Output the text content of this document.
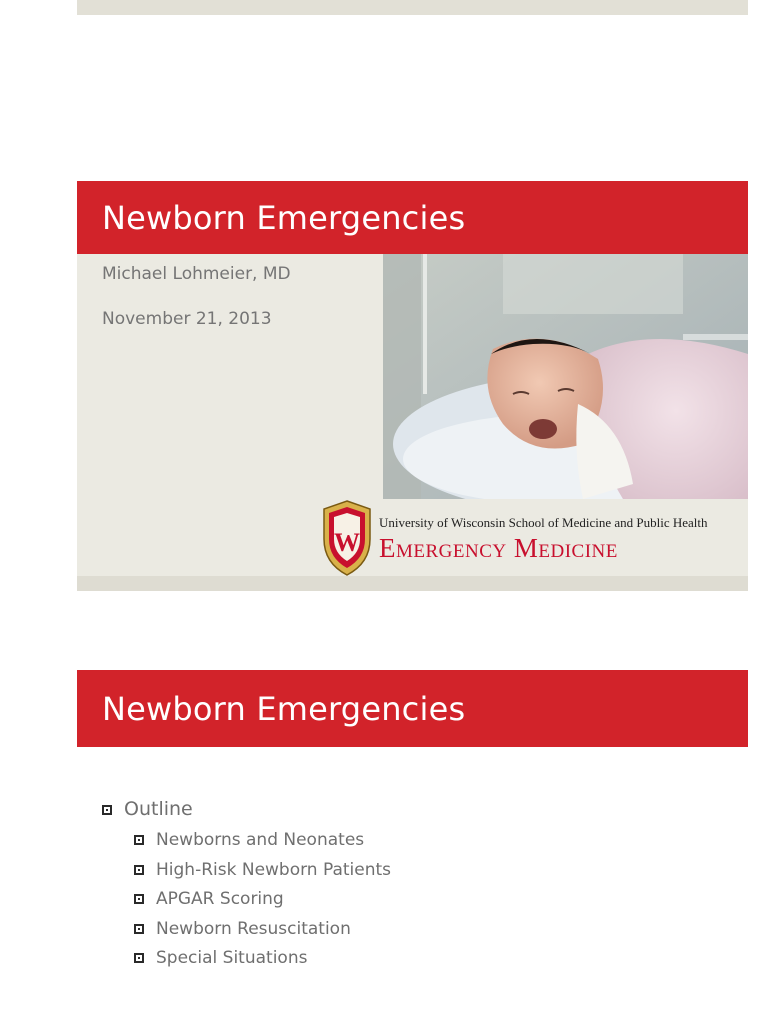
Newborn Emergencies
Michael Lohmeier, MD
November 21, 2013
W
University of Wisconsin School of Medicine and Public Health
Emergency Medicine
Newborn Emergencies
Outline
Newborns and Neonates
High-Risk Newborn Patients
APGAR Scoring
Newborn Resuscitation
Special Situations
